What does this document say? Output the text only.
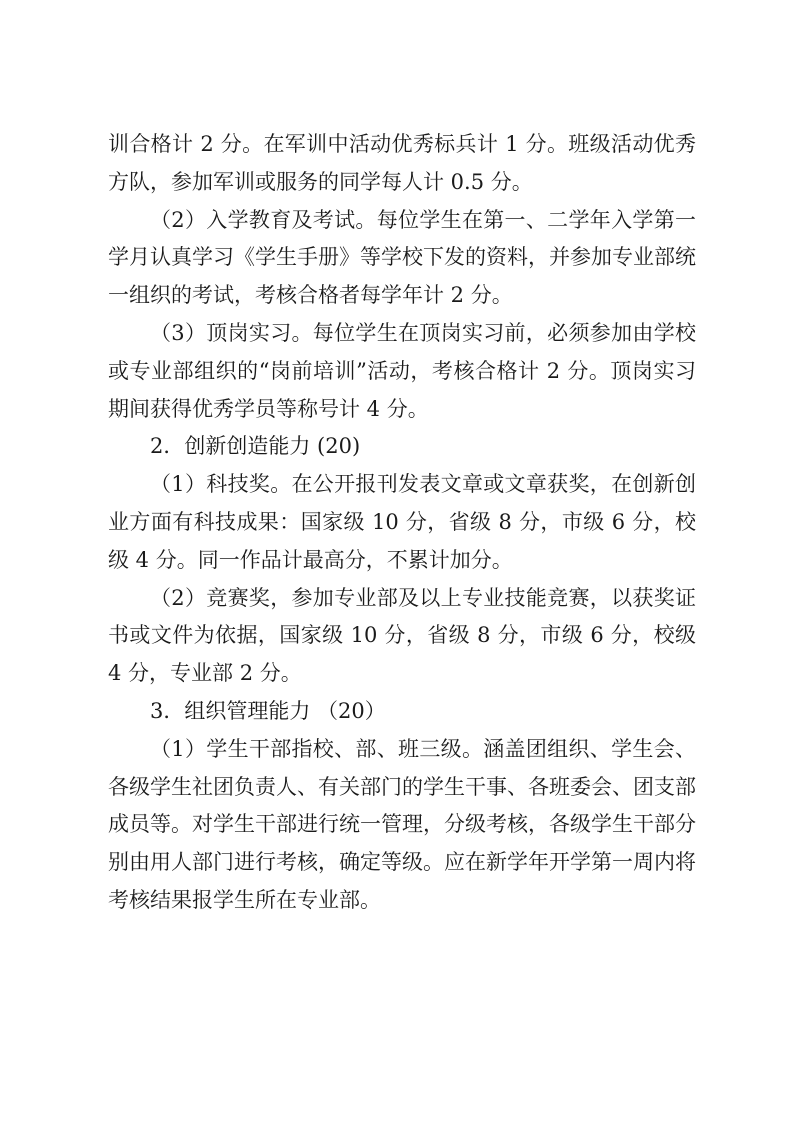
训合格计 2 分。在军训中活动优秀标兵计 1 分。班级活动优秀方队，参加军训或服务的同学每人计 0.5 分。

（2）入学教育及考试。每位学生在第一、二学年入学第一学月认真学习《学生手册》等学校下发的资料，并参加专业部统一组织的考试，考核合格者每学年计 2 分。

（3）顶岗实习。每位学生在顶岗实习前，必须参加由学校或专业部组织的“岗前培训”活动，考核合格计 2 分。顶岗实习期间获得优秀学员等称号计 4 分。

2．创新创造能力 (20)

（1）科技奖。在公开报刊发表文章或文章获奖，在创新创业方面有科技成果：国家级 10 分，省级 8 分，市级 6 分，校级 4 分。同一作品计最高分，不累计加分。

（2）竞赛奖，参加专业部及以上专业技能竞赛，以获奖证书或文件为依据，国家级 10 分，省级 8 分，市级 6 分，校级 4 分，专业部 2 分。

3．组织管理能力 （20）

（1）学生干部指校、部、班三级。涵盖团组织、学生会、各级学生社团负责人、有关部门的学生干事、各班委会、团支部成员等。对学生干部进行统一管理，分级考核，各级学生干部分别由用人部门进行考核，确定等级。应在新学年开学第一周内将考核结果报学生所在专业部。
